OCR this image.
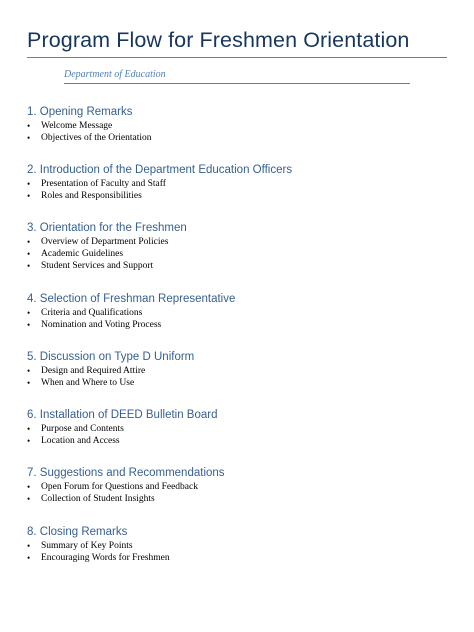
Program Flow for Freshmen Orientation
Department of Education
1. Opening Remarks
• Welcome Message
• Objectives of the Orientation
2. Introduction of the Department Education Officers
• Presentation of Faculty and Staff
• Roles and Responsibilities
3. Orientation for the Freshmen
• Overview of Department Policies
• Academic Guidelines
• Student Services and Support
4. Selection of Freshman Representative
• Criteria and Qualifications
• Nomination and Voting Process
5. Discussion on Type D Uniform
• Design and Required Attire
• When and Where to Use
6. Installation of DEED Bulletin Board
• Purpose and Contents
• Location and Access
7. Suggestions and Recommendations
• Open Forum for Questions and Feedback
• Collection of Student Insights
8. Closing Remarks
• Summary of Key Points
• Encouraging Words for Freshmen
